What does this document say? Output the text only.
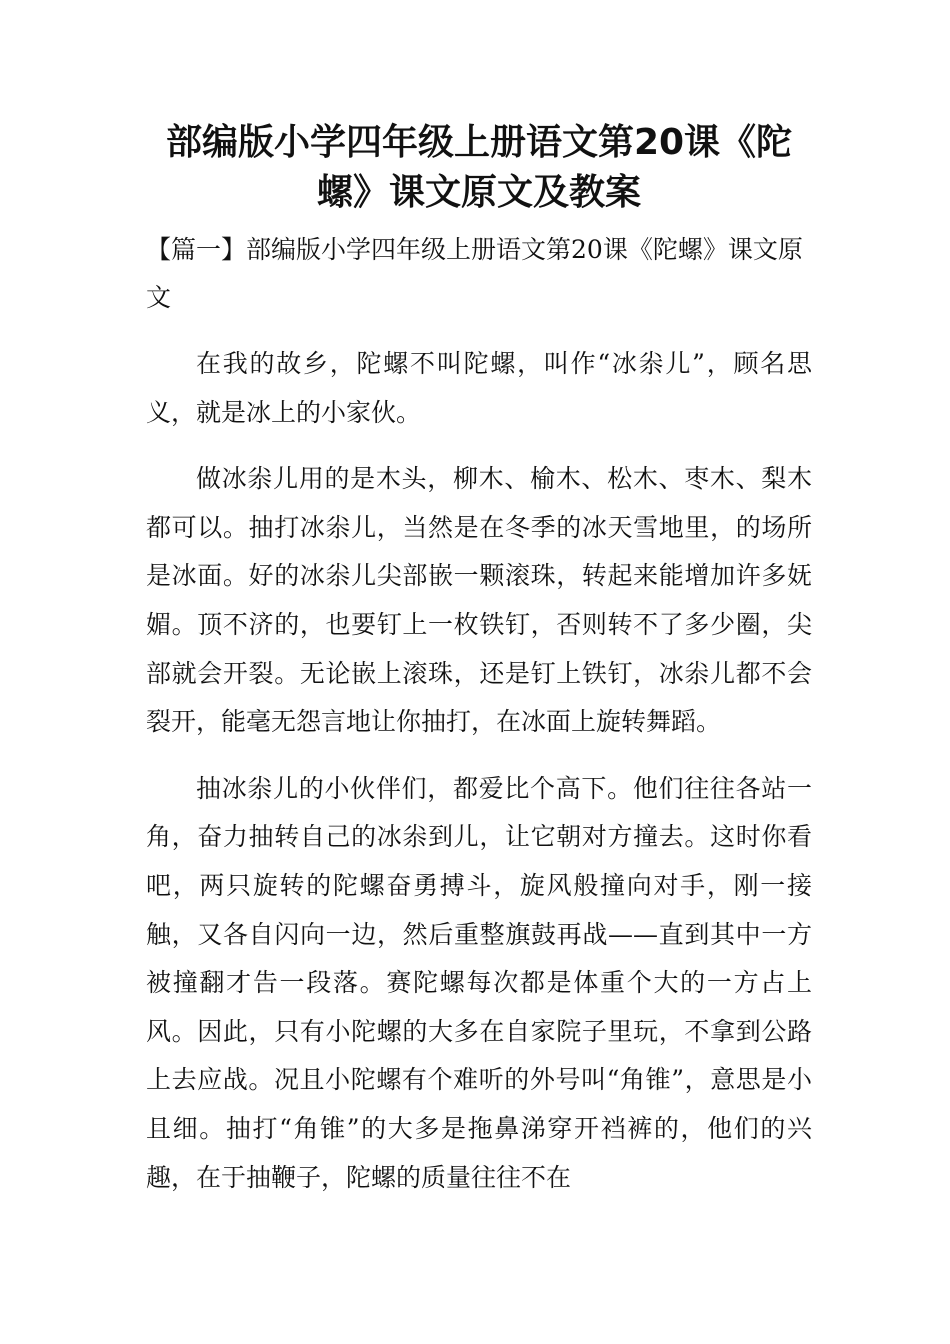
部编版小学四年级上册语文第20课《陀螺》课文原文及教案

【篇一】部编版小学四年级上册语文第20课《陀螺》课文原文

在我的故乡，陀螺不叫陀螺，叫作“冰尜儿”，顾名思义，就是冰上的小家伙。

做冰尜儿用的是木头，柳木、榆木、松木、枣木、梨木都可以。抽打冰尜儿，当然是在冬季的冰天雪地里，的场所是冰面。好的冰尜儿尖部嵌一颗滚珠，转起来能增加许多妩媚。顶不济的，也要钉上一枚铁钉，否则转不了多少圈，尖部就会开裂。无论嵌上滚珠，还是钉上铁钉，冰尜儿都不会裂开，能毫无怨言地让你抽打，在冰面上旋转舞蹈。

抽冰尜儿的小伙伴们，都爱比个高下。他们往往各站一角，奋力抽转自己的冰尜到儿，让它朝对方撞去。这时你看吧，两只旋转的陀螺奋勇搏斗，旋风般撞向对手，刚一接触，又各自闪向一边，然后重整旗鼓再战——直到其中一方被撞翻才告一段落。赛陀螺每次都是体重个大的一方占上风。因此，只有小陀螺的大多在自家院子里玩，不拿到公路上去应战。况且小陀螺有个难听的外号叫“角锥”，意思是小且细。抽打“角锥”的大多是拖鼻涕穿开裆裤的，他们的兴趣，在于抽鞭子，陀螺的质量往往不在
